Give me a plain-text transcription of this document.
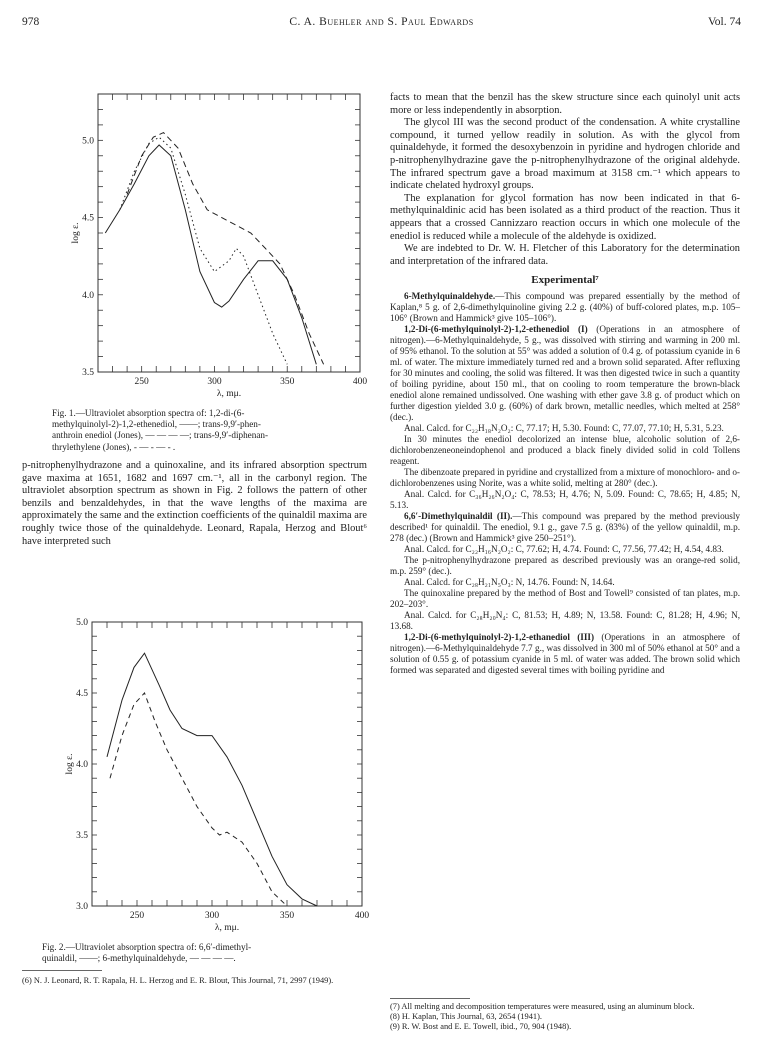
978	C. A. Buehler and S. Paul Edwards	Vol. 74
250	300	350	400
5.0
4.5
4.0
3.5
log ε.
λ, mμ.
Fig. 1.—Ultraviolet absorption spectra of: 1,2-di-(6-
methylquinolyl-2)-1,2-ethenediol, ——; trans-9,9′-phen-
anthroin enediol (Jones), — — — —; trans-9,9′-diphenan-
thrylethylene (Jones), - — - — - .

p-nitrophenylhydrazone and a quinoxaline, and its infrared absorption spectrum gave maxima at 1651, 1682 and 1697 cm.⁻¹, all in the carbonyl region. The ultraviolet absorption spectrum as shown in Fig. 2 follows the pattern of other benzils and benzaldehydes, in that the wave lengths of the maxima are approximately the same and the extinction coefficients of the quinaldil maxima are roughly twice those of the quinaldehyde. Leonard, Rapala, Herzog and Blout⁶ have interpreted such

250	300	350	400
5.0
4.5
4.0
3.5
3.0
log ε.
λ, mμ.
Fig. 2.—Ultraviolet absorption spectra of: 6,6′-dimethyl-
quinaldil, ——; 6-methylquinaldehyde, — — — —.
(6) N. J. Leonard, R. T. Rapala, H. L. Herzog and E. R. Blout, This Journal, 71, 2997 (1949).

facts to mean that the benzil has the skew structure since each quinolyl unit acts more or less independently in absorption.

The glycol III was the second product of the condensation. A white crystalline compound, it turned yellow readily in solution. As with the glycol from quinaldehyde, it formed the desoxybenzoin in pyridine and hydrogen chloride and p-nitrophenylhydrazine gave the p-nitrophenylhydrazone of the original aldehyde. The infrared spectrum gave a broad maximum at 3158 cm.⁻¹ which appears to indicate chelated hydroxyl groups.

The explanation for glycol formation has now been indicated in that 6-methylquinaldinic acid has been isolated as a third product of the reaction. Thus it appears that a crossed Cannizzaro reaction occurs in which one molecule of the enediol is reduced while a molecule of the aldehyde is oxidized.

We are indebted to Dr. W. H. Fletcher of this Laboratory for the determination and interpretation of the infrared data.

Experimental⁷

6-Methylquinaldehyde.—This compound was prepared essentially by the method of Kaplan,⁸ 5 g. of 2,6-dimethylquinoline giving 2.2 g. (40%) of buff-colored plates, m.p. 105–106° (Brown and Hammick³ give 105–106°).

1,2-Di-(6-methylquinolyl-2)-1,2-ethenediol (I) (Operations in an atmosphere of nitrogen).—6-Methylquinaldehyde, 5 g., was dissolved with stirring and warming in 200 ml. of 95% ethanol. To the solution at 55° was added a solution of 0.4 g. of potassium cyanide in 6 ml. of water. The mixture immediately turned red and a brown solid separated. After refluxing for 30 minutes and cooling, the solid was filtered. It was then digested twice in such a quantity of boiling pyridine, about 150 ml., that on cooling to room temperature the brown-black enediol alone remained undissolved. One washing with ether gave 3.8 g. of product which on further digestion yielded 3.0 g. (60%) of dark brown, metallic needles, which melted at 258° (dec.).

Anal. Calcd. for C₂₂H₁₈N₂O₂: C, 77.17; H, 5.30. Found: C, 77.07, 77.10; H, 5.31, 5.23.

In 30 minutes the enediol decolorized an intense blue, alcoholic solution of 2,6-dichlorobenzeneoneindophenol and produced a black finely divided solid in cold Tollens reagent.

The dibenzoate prepared in pyridine and crystallized from a mixture of monochloro- and o-dichlorobenzenes using Norite, was a white solid, melting at 280° (dec.).

Anal. Calcd. for C₃₆H₂₆N₂O₄: C, 78.53; H, 4.76; N, 5.09. Found: C, 78.65; H, 4.85; N, 5.13.

6,6′-Dimethylquinaldil (II).—This compound was prepared by the method previously described¹ for quinaldil. The enediol, 9.1 g., gave 7.5 g. (83%) of the yellow quinaldil, m.p. 278 (dec.) (Brown and Hammick³ give 250–251°).

Anal. Calcd. for C₂₂H₁₆N₂O₂: C, 77.62; H, 4.74. Found: C, 77.56, 77.42; H, 4.54, 4.83.

The p-nitrophenylhydrazone prepared as described previously was an orange-red solid, m.p. 259° (dec.).

Anal. Calcd. for C₂₈H₂₁N₅O₃: N, 14.76. Found: N, 14.64.

The quinoxaline prepared by the method of Bost and Towell⁹ consisted of tan plates, m.p. 202–203°.

Anal. Calcd. for C₂₈H₂₀N₄: C, 81.53; H, 4.89; N, 13.58. Found: C, 81.28; H, 4.96; N, 13.68.

1,2-Di-(6-methylquinolyl-2)-1,2-ethanediol (III) (Operations in an atmosphere of nitrogen).—6-Methylquinaldehyde 7.7 g., was dissolved in 300 ml of 50% ethanol at 50° and a solution of 0.55 g. of potassium cyanide in 5 ml. of water was added. The brown solid which formed was separated and digested several times with boiling pyridine and

(7) All melting and decomposition temperatures were measured, using an aluminum block.
(8) H. Kaplan, This Journal, 63, 2654 (1941).
(9) R. W. Bost and E. E. Towell, ibid., 70, 904 (1948).
